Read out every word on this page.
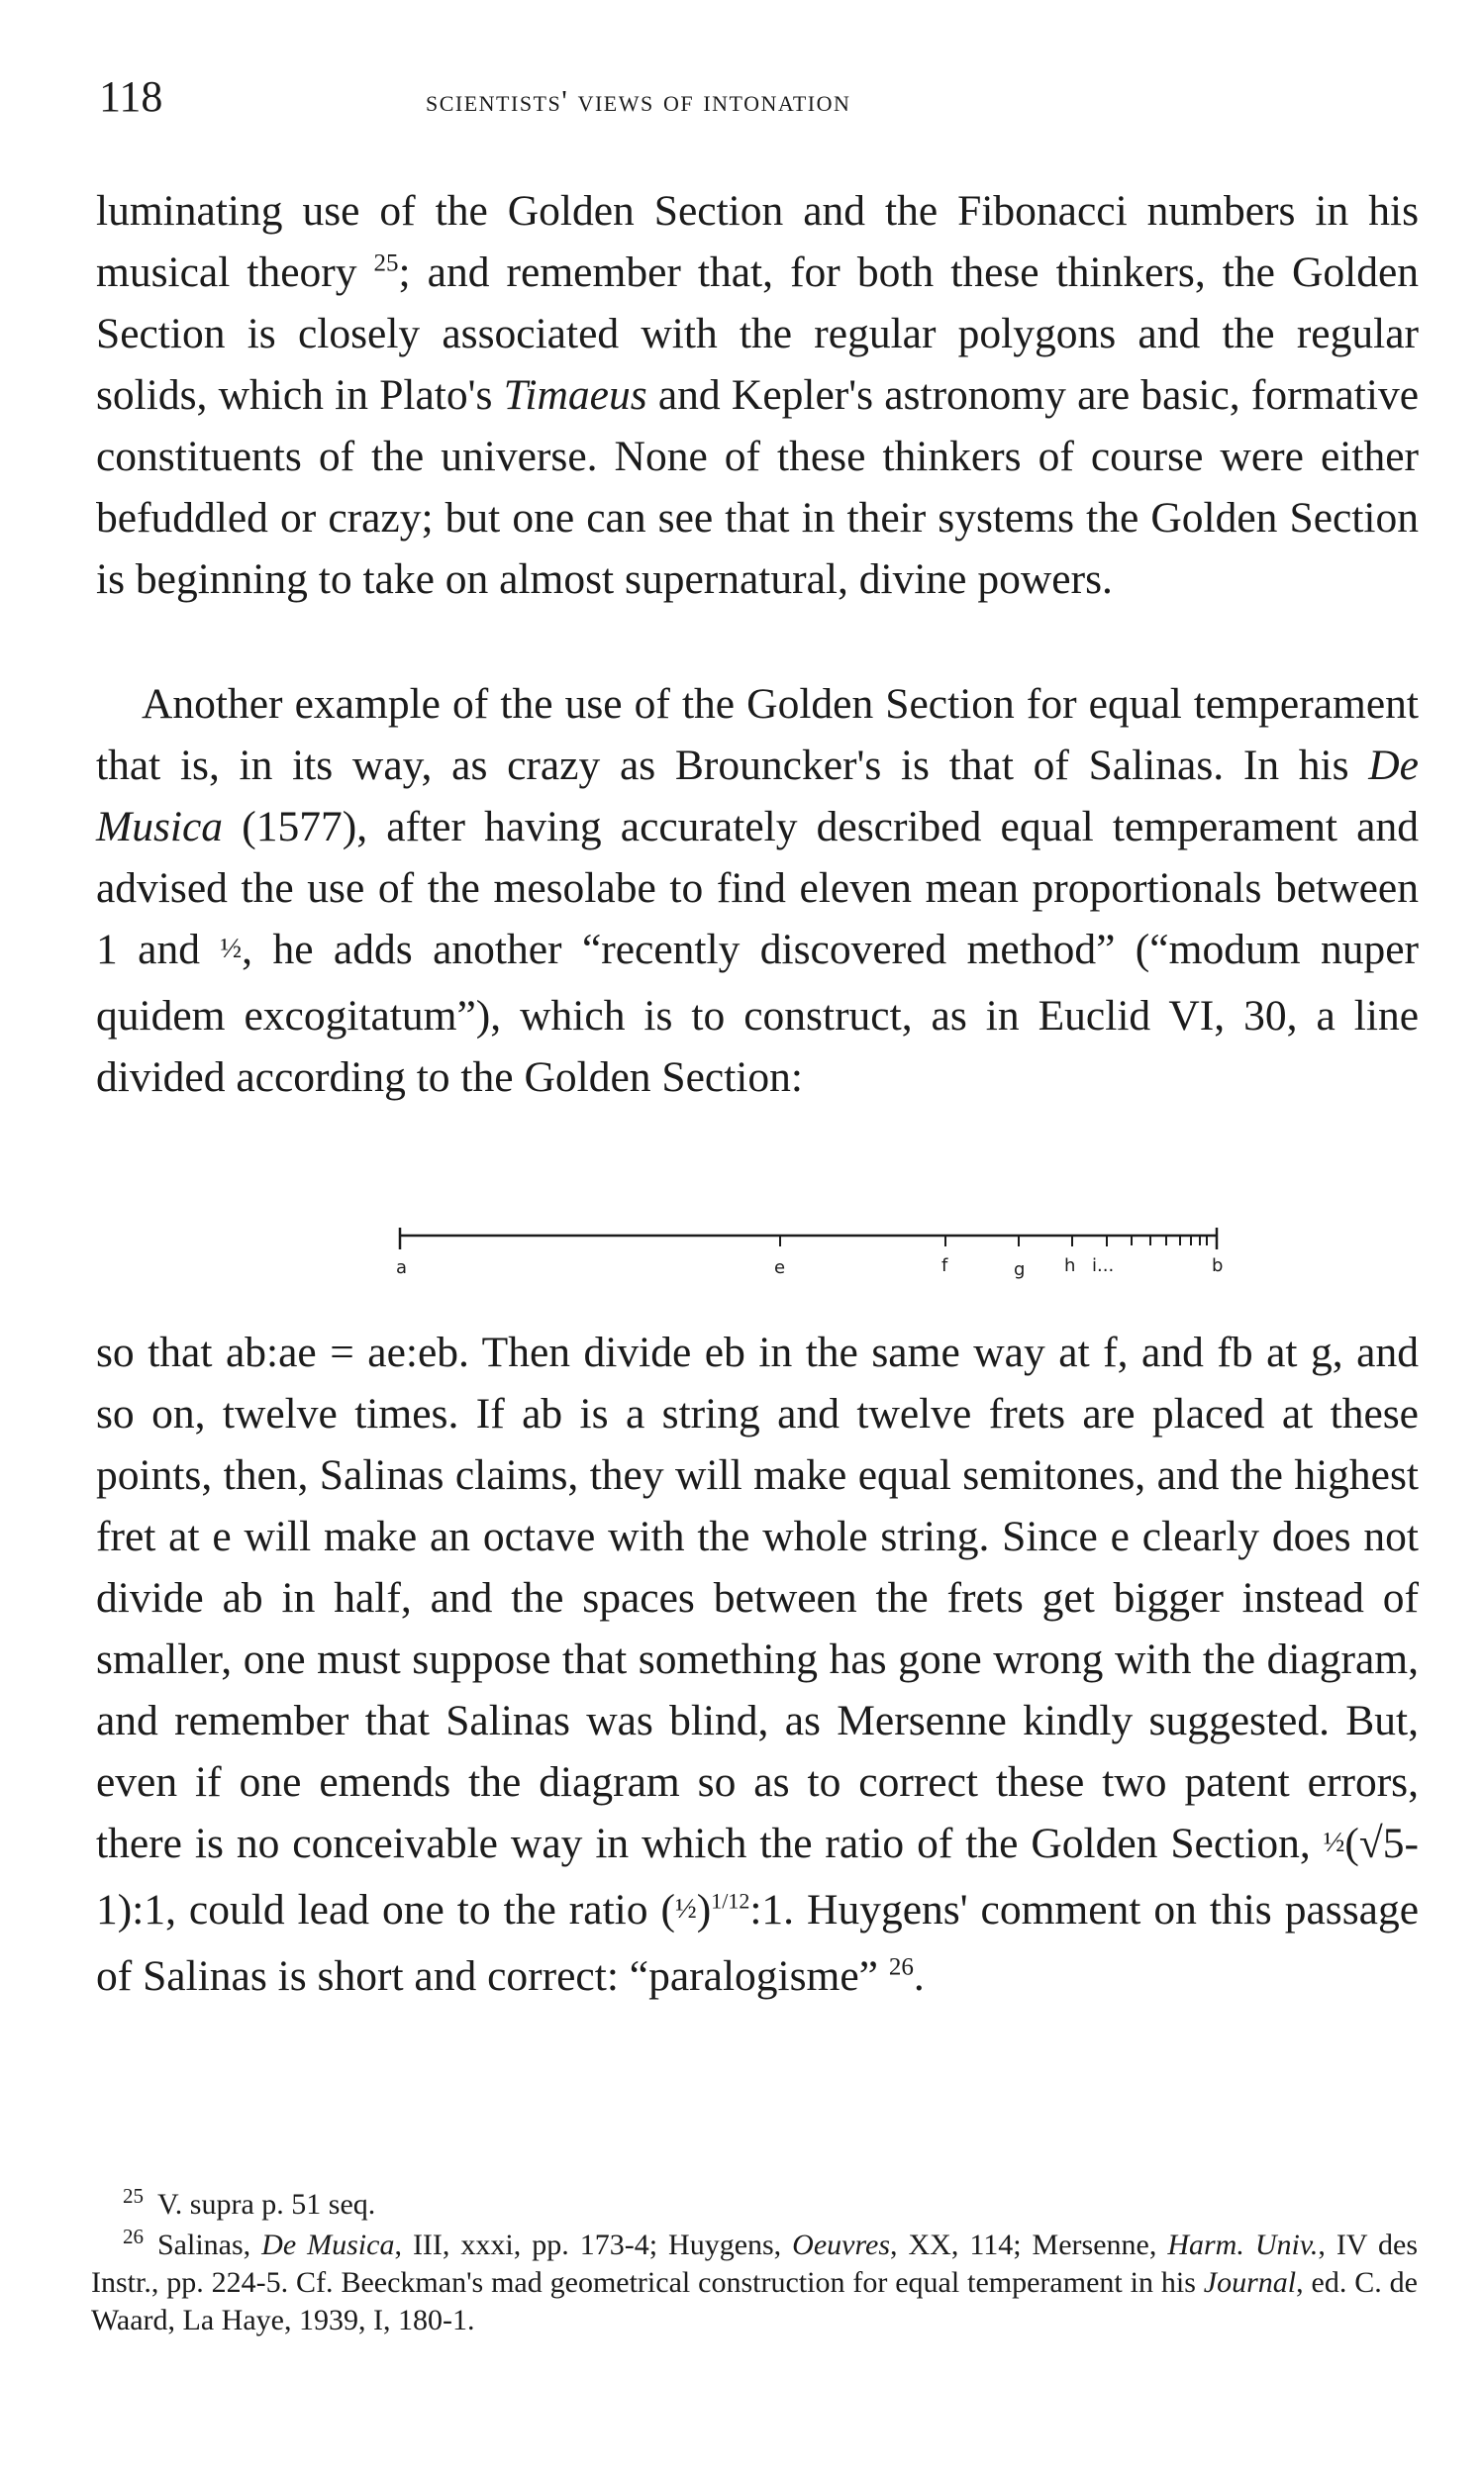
118	scientists' views of intonation

luminating use of the Golden Section and the Fibonacci numbers in his musical theory $^{25}$; and remember that, for both these thinkers, the Golden Section is closely associated with the regular polygons and the regular solids, which in Plato's Timaeus and Kepler's astronomy are basic, formative constituents of the universe. None of these thinkers of course were either befuddled or crazy; but one can see that in their systems the Golden Section is beginning to take on almost supernatural, divine powers.

Another example of the use of the Golden Section for equal temperament that is, in its way, as crazy as Brouncker's is that of Salinas. In his De Musica (1577), after having accurately described equal temperament and advised the use of the mesolabe to find eleven mean proportionals between 1 and ½, he adds another “recently discovered method” (“modum nuper quidem excogitatum”), which is to construct, as in Euclid VI, 30, a line divided according to the Golden Section:

a	e	f	g h i...	b

so that ab:ae = ae:eb. Then divide eb in the same way at f, and fb at g, and so on, twelve times. If ab is a string and twelve frets are placed at these points, then, Salinas claims, they will make equal semitones, and the highest fret at e will make an octave with the whole string. Since e clearly does not divide ab in half, and the spaces between the frets get bigger instead of smaller, one must suppose that something has gone wrong with the diagram, and remember that Salinas was blind, as Mersenne kindly suggested. But, even if one emends the diagram so as to correct these two patent errors, there is no conceivable way in which the ratio of the Golden Section, ½(√5-1):1, could lead one to the ratio (½)$^{1/12}$:1. Huygens' comment on this passage of Salinas is short and correct: “paralogisme” $^{26}$.

$^{25}$ V. supra p. 51 seq.

$^{26}$ Salinas, De Musica, III, xxxi, pp. 173-4; Huygens, Oeuvres, XX, 114; Mersenne, Harm. Univ., IV des Instr., pp. 224-5. Cf. Beeckman's mad geometrical construction for equal temperament in his Journal, ed. C. de Waard, La Haye, 1939, I, 180-1.
